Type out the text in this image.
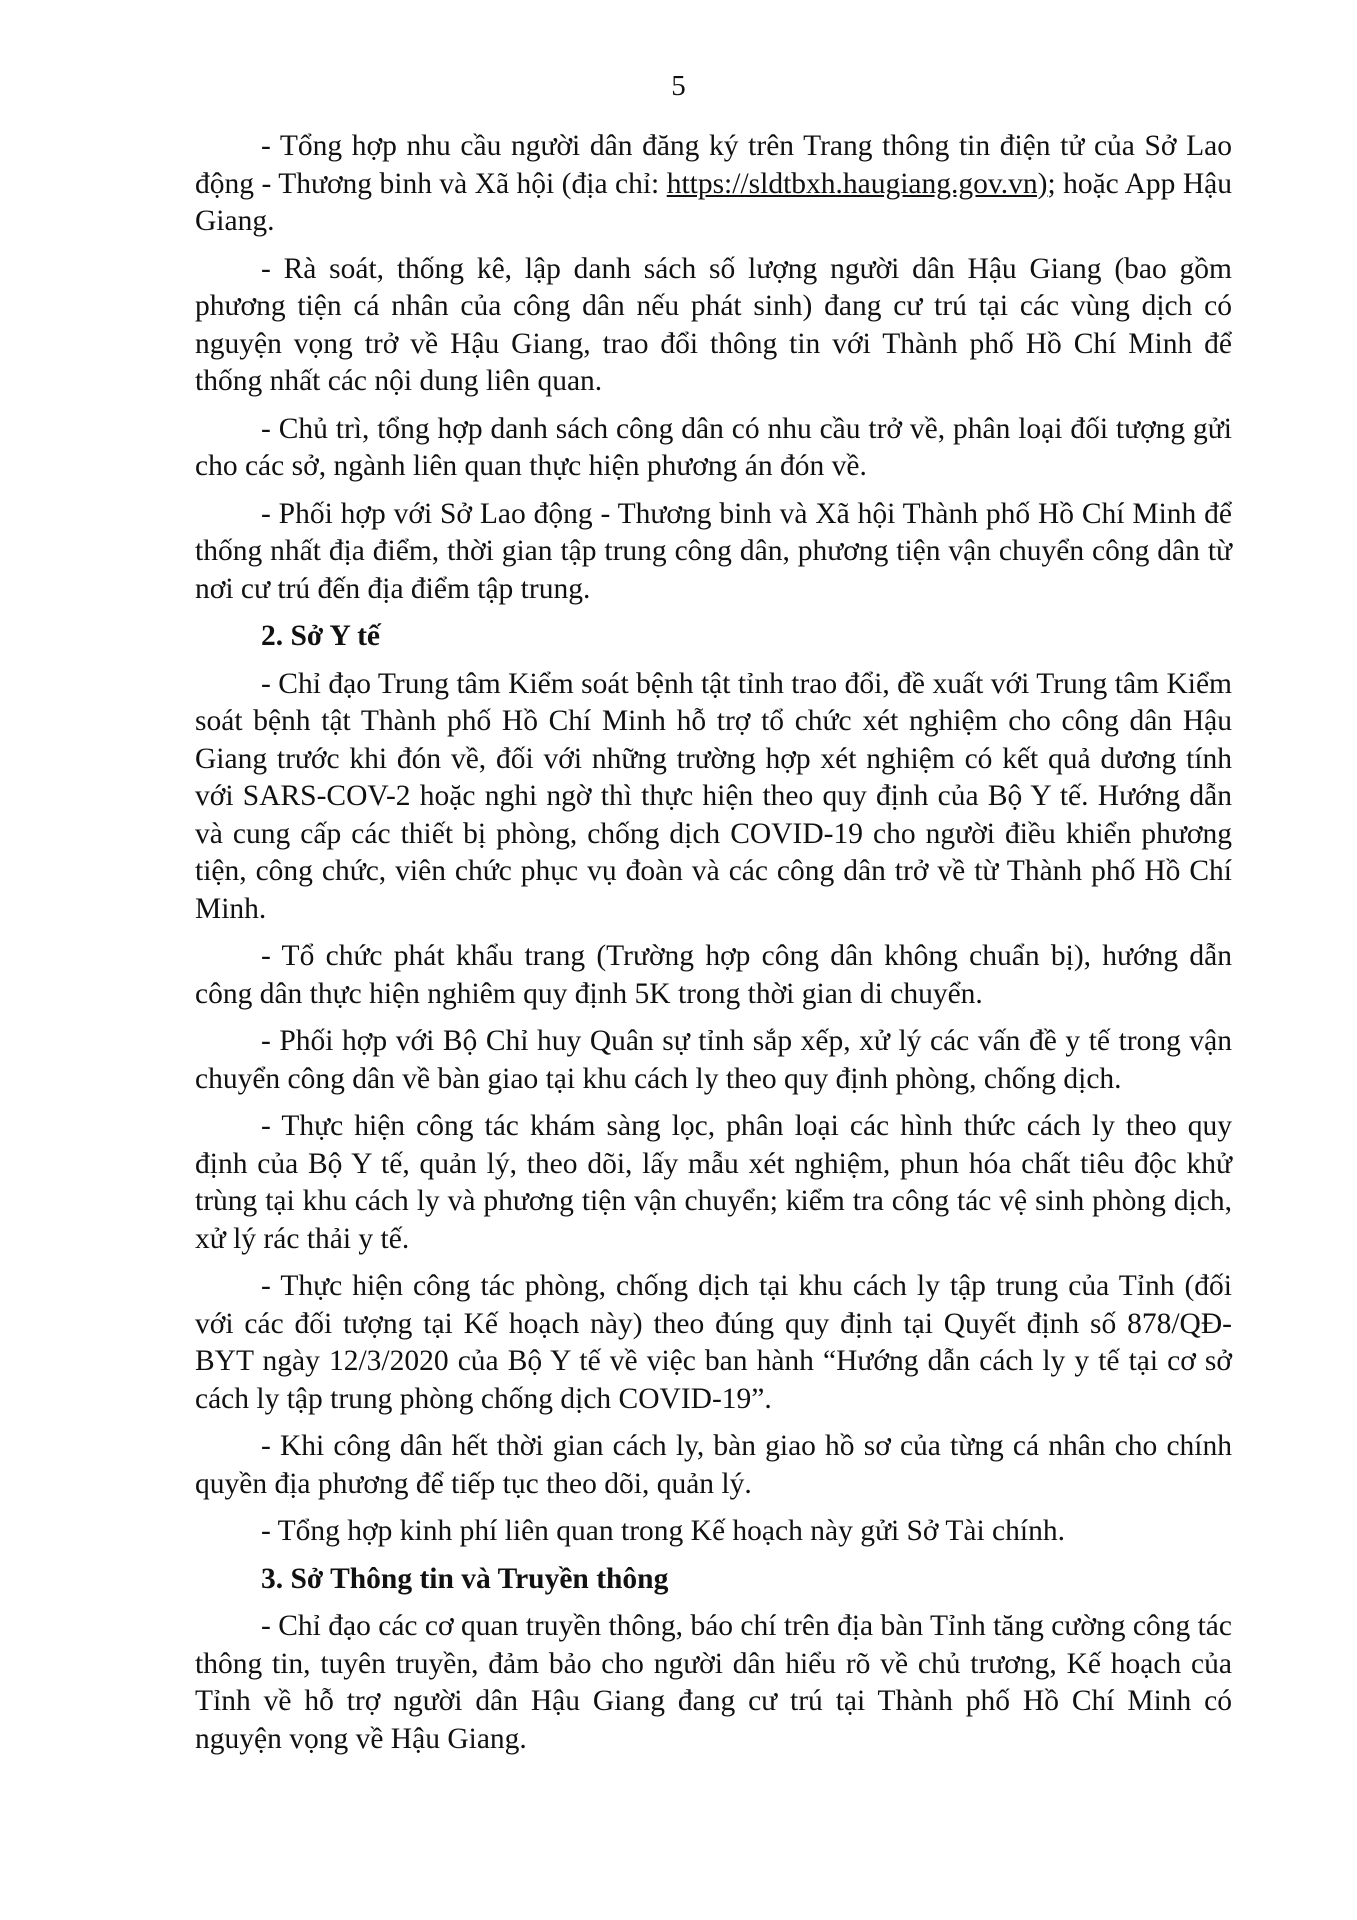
5

- Tổng hợp nhu cầu người dân đăng ký trên Trang thông tin điện tử của Sở Lao động - Thương binh và Xã hội (địa chỉ: https://sldtbxh.haugiang.gov.vn); hoặc App Hậu Giang.

- Rà soát, thống kê, lập danh sách số lượng người dân Hậu Giang (bao gồm phương tiện cá nhân của công dân nếu phát sinh) đang cư trú tại các vùng dịch có nguyện vọng trở về Hậu Giang, trao đổi thông tin với Thành phố Hồ Chí Minh để thống nhất các nội dung liên quan.

- Chủ trì, tổng hợp danh sách công dân có nhu cầu trở về, phân loại đối tượng gửi cho các sở, ngành liên quan thực hiện phương án đón về.

- Phối hợp với Sở Lao động - Thương binh và Xã hội Thành phố Hồ Chí Minh để thống nhất địa điểm, thời gian tập trung công dân, phương tiện vận chuyển công dân từ nơi cư trú đến địa điểm tập trung.

2. Sở Y tế

- Chỉ đạo Trung tâm Kiểm soát bệnh tật tỉnh trao đổi, đề xuất với Trung tâm Kiểm soát bệnh tật Thành phố Hồ Chí Minh hỗ trợ tổ chức xét nghiệm cho công dân Hậu Giang trước khi đón về, đối với những trường hợp xét nghiệm có kết quả dương tính với SARS-COV-2 hoặc nghi ngờ thì thực hiện theo quy định của Bộ Y tế. Hướng dẫn và cung cấp các thiết bị phòng, chống dịch COVID-19 cho người điều khiển phương tiện, công chức, viên chức phục vụ đoàn và các công dân trở về từ Thành phố Hồ Chí Minh.

- Tổ chức phát khẩu trang (Trường hợp công dân không chuẩn bị), hướng dẫn công dân thực hiện nghiêm quy định 5K trong thời gian di chuyển.

- Phối hợp với Bộ Chỉ huy Quân sự tỉnh sắp xếp, xử lý các vấn đề y tế trong vận chuyển công dân về bàn giao tại khu cách ly theo quy định phòng, chống dịch.

- Thực hiện công tác khám sàng lọc, phân loại các hình thức cách ly theo quy định của Bộ Y tế, quản lý, theo dõi, lấy mẫu xét nghiệm, phun hóa chất tiêu độc khử trùng tại khu cách ly và phương tiện vận chuyển; kiểm tra công tác vệ sinh phòng dịch, xử lý rác thải y tế.

- Thực hiện công tác phòng, chống dịch tại khu cách ly tập trung của Tỉnh (đối với các đối tượng tại Kế hoạch này) theo đúng quy định tại Quyết định số 878/QĐ-BYT ngày 12/3/2020 của Bộ Y tế về việc ban hành “Hướng dẫn cách ly y tế tại cơ sở cách ly tập trung phòng chống dịch COVID-19”.

- Khi công dân hết thời gian cách ly, bàn giao hồ sơ của từng cá nhân cho chính quyền địa phương để tiếp tục theo dõi, quản lý.

- Tổng hợp kinh phí liên quan trong Kế hoạch này gửi Sở Tài chính.

3. Sở Thông tin và Truyền thông

- Chỉ đạo các cơ quan truyền thông, báo chí trên địa bàn Tỉnh tăng cường công tác thông tin, tuyên truyền, đảm bảo cho người dân hiểu rõ về chủ trương, Kế hoạch của Tỉnh về hỗ trợ người dân Hậu Giang đang cư trú tại Thành phố Hồ Chí Minh có nguyện vọng về Hậu Giang.
